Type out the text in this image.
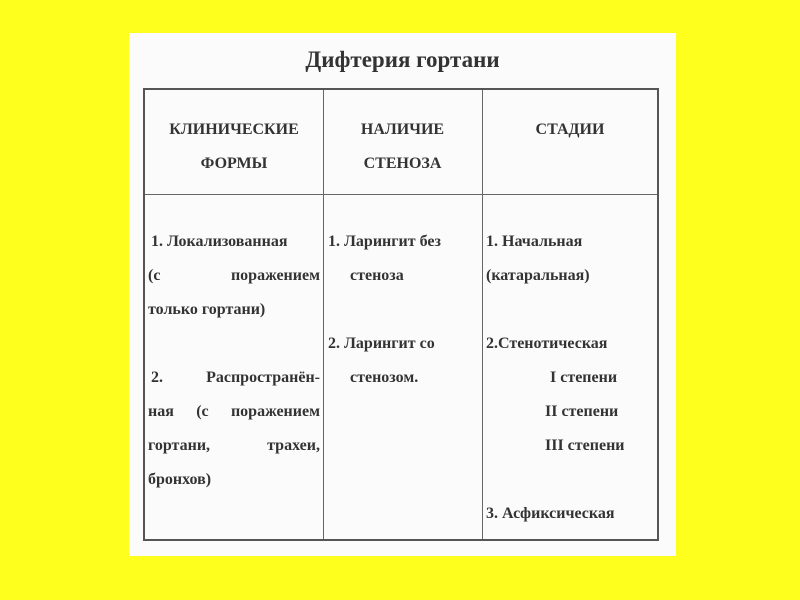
Дифтерия гортани
КЛИНИЧЕСКИЕ
ФОРМЫ
НАЛИЧИЕ
СТЕНОЗА
СТАДИИ
1. Локализованная
(с поражением
только гортани)
2. Распространён-
ная (с поражением
гортани, трахеи,
бронхов)
1. Ларингит без
стеноза
2. Ларингит со
стенозом.
1. Начальная
(катаральная)
2.Стенотическая
I степени
II степени
III степени
3. Асфиксическая
